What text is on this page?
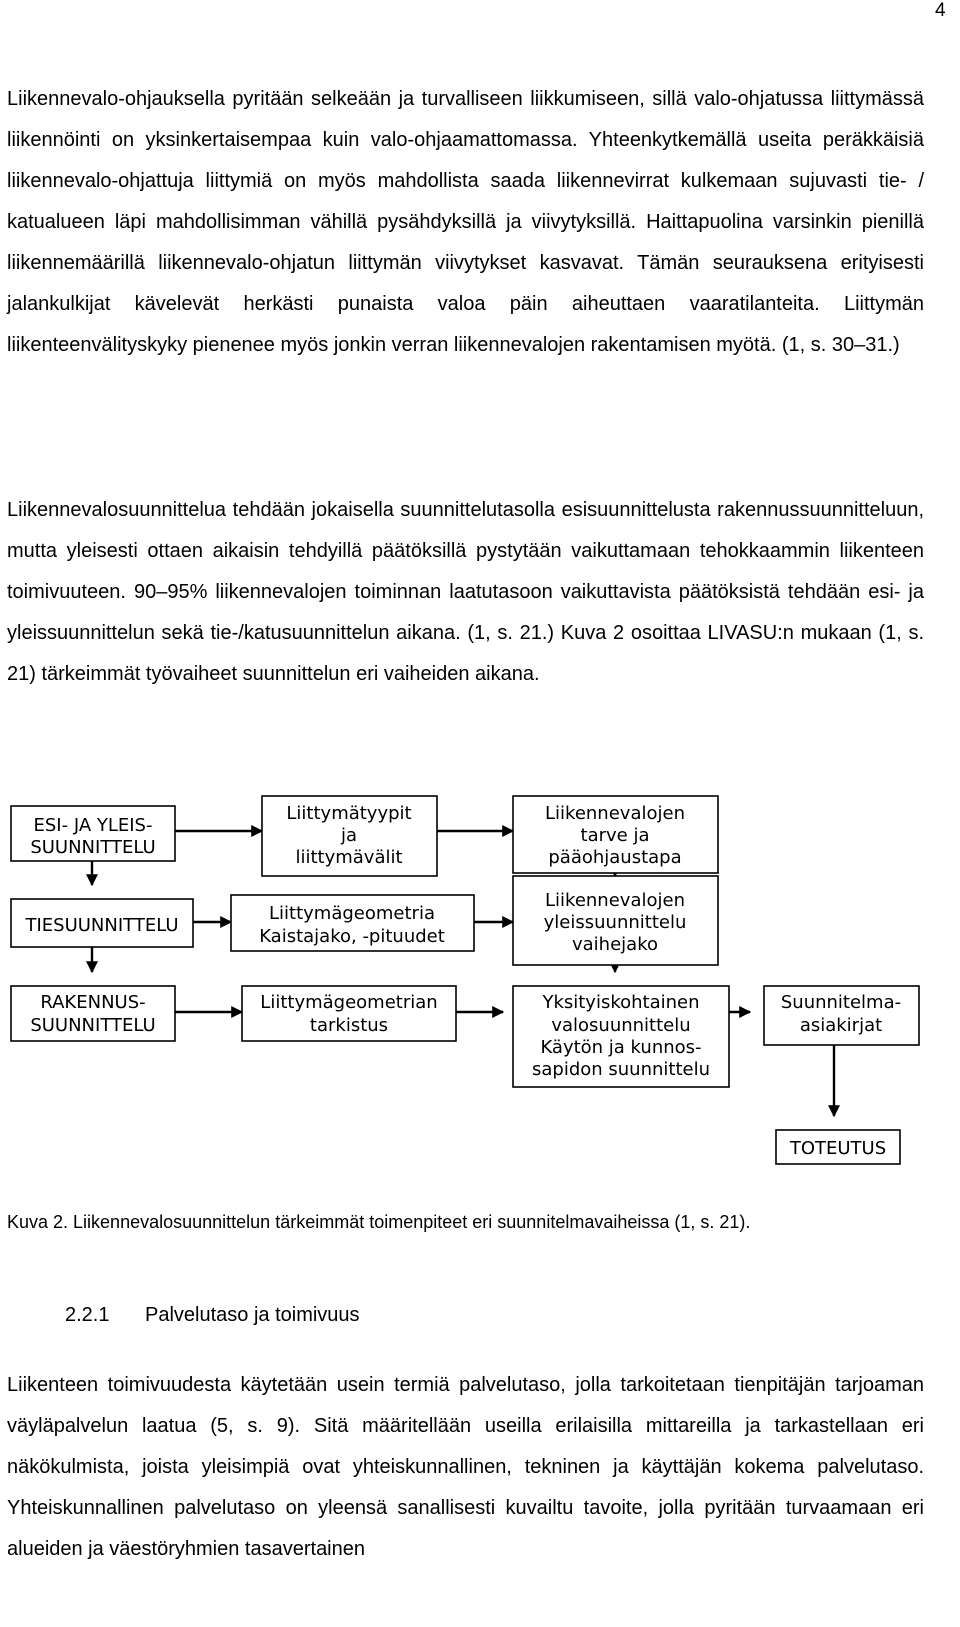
4

Liikennevalo-ohjauksella pyritään selkeään ja turvalliseen liikkumiseen, sillä valo-ohjatussa liittymässä liikennöinti on yksinkertaisempaa kuin valo-ohjaamattomassa. Yhteenkytkemällä useita peräkkäisiä liikennevalo-ohjattuja liittymiä on myös mahdollista saada liikennevirrat kulkemaan sujuvasti tie- / katualueen läpi mahdollisimman vähillä pysähdyksillä ja viivytyksillä. Haittapuolina varsinkin pienillä liikennemäärillä liikennevalo-ohjatun liittymän viivytykset kasvavat. Tämän seurauksena erityisesti jalankulkijat kävelevät herkästi punaista valoa päin aiheuttaen vaaratilanteita. Liittymän liikenteenvälityskyky pienenee myös jonkin verran liikennevalojen rakentamisen myötä. (1, s. 30–31.)

Liikennevalosuunnittelua tehdään jokaisella suunnittelutasolla esisuunnittelusta rakennussuunnitteluun, mutta yleisesti ottaen aikaisin tehdyillä päätöksillä pystytään vaikuttamaan tehokkaammin liikenteen toimivuuteen. 90–95% liikennevalojen toiminnan laatutasoon vaikuttavista päätöksistä tehdään esi- ja yleissuunnittelun sekä tie-/katusuunnittelun aikana. (1, s. 21.) Kuva 2 osoittaa LIVASU:n mukaan (1, s. 21) tärkeimmät työvaiheet suunnittelun eri vaiheiden aikana.

ESI- JA YLEIS-
SUUNNITTELU
Liittymätyypit
ja
liittymävälit
Liikennevalojen
tarve ja
pääohjaustapa
TIESUUNNITTELU
Liittymägeometria
Kaistajako, -pituudet
Liikennevalojen
yleissuunnittelu
vaihejako
RAKENNUS-
SUUNNITTELU
Liittymägeometrian
tarkistus
Yksityiskohtainen
valosuunnittelu
Käytön ja kunnos-
sapidon suunnittelu
Suunnitelma-
asiakirjat
TOTEUTUS

Kuva 2. Liikennevalosuunnittelun tärkeimmät toimenpiteet eri suunnitelmavaiheissa (1, s. 21).

2.2.1 Palvelutaso ja toimivuus

Liikenteen toimivuudesta käytetään usein termiä palvelutaso, jolla tarkoitetaan tienpitäjän tarjoaman väyläpalvelun laatua (5, s. 9). Sitä määritellään useilla erilaisilla mittareilla ja tarkastellaan eri näkökulmista, joista yleisimpiä ovat yhteiskunnallinen, tekninen ja käyttäjän kokema palvelutaso. Yhteiskunnallinen palvelutaso on yleensä sanallisesti kuvailtu tavoite, jolla pyritään turvaamaan eri alueiden ja väestöryhmien tasavertainen
